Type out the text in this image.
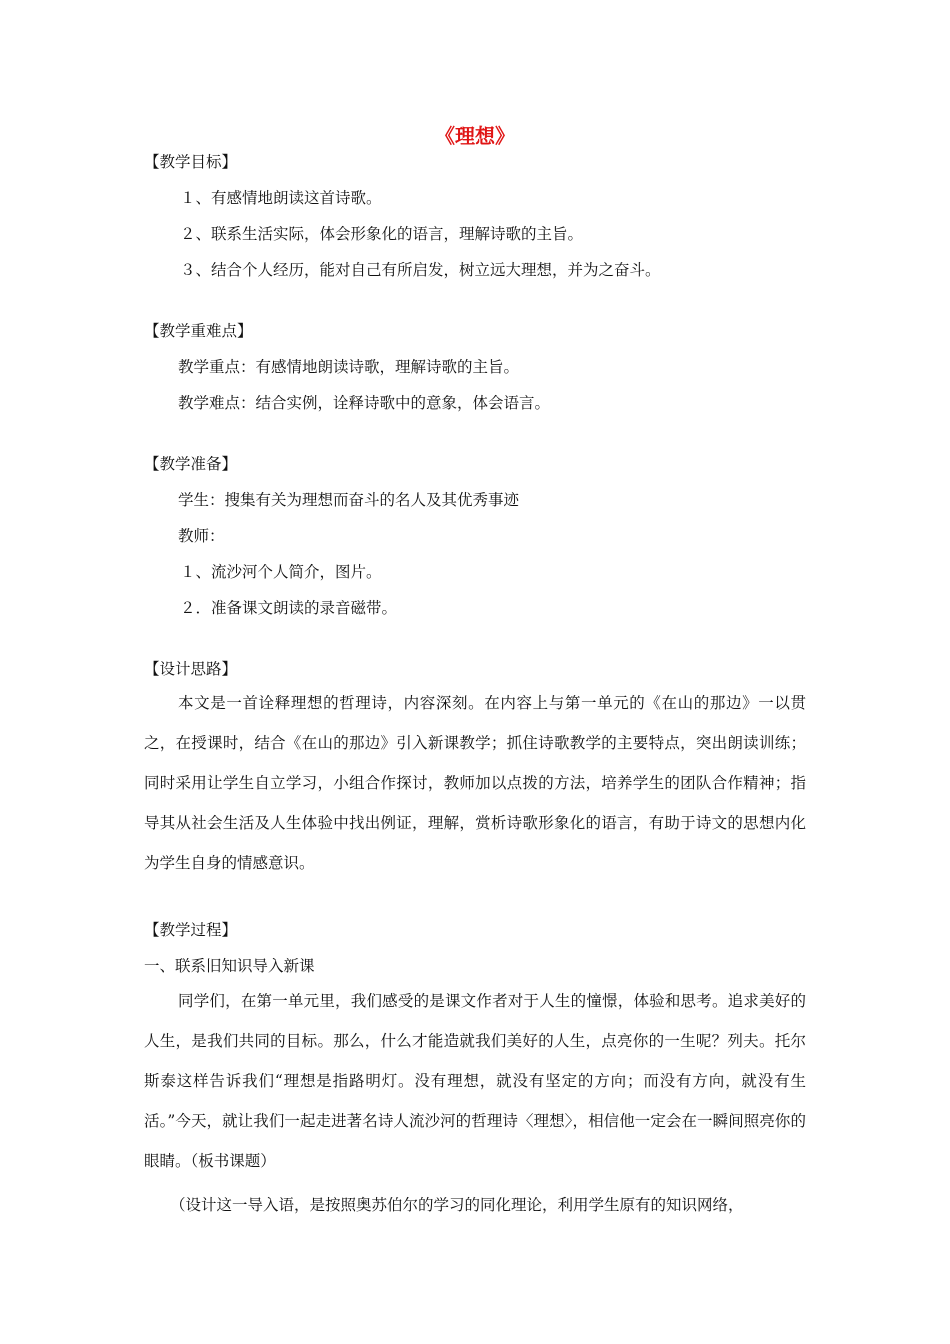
《理想》
【教学目标】
１、有感情地朗读这首诗歌。
２、联系生活实际，体会形象化的语言，理解诗歌的主旨。
３、结合个人经历，能对自己有所启发，树立远大理想，并为之奋斗。
【教学重难点】
教学重点：有感情地朗读诗歌，理解诗歌的主旨。
教学难点：结合实例，诠释诗歌中的意象，体会语言。
【教学准备】
学生：搜集有关为理想而奋斗的名人及其优秀事迹
教师：
１、流沙河个人简介，图片。
２．准备课文朗读的录音磁带。
【设计思路】
本文是一首诠释理想的哲理诗，内容深刻。在内容上与第一单元的《在山的那边》一以贯之，在授课时，结合《在山的那边》引入新课教学；抓住诗歌教学的主要特点，突出朗读训练；同时采用让学生自立学习，小组合作探讨，教师加以点拨的方法，培养学生的团队合作精神；指导其从社会生活及人生体验中找出例证，理解，赏析诗歌形象化的语言，有助于诗文的思想内化为学生自身的情感意识。
【教学过程】
一、联系旧知识导入新课
同学们，在第一单元里，我们感受的是课文作者对于人生的憧憬，体验和思考。追求美好的人生，是我们共同的目标。那么，什么才能造就我们美好的人生，点亮你的一生呢？列夫。托尔斯泰这样告诉我们“理想是指路明灯。没有理想，就没有坚定的方向；而没有方向，就没有生活。”今天，就让我们一起走进著名诗人流沙河的哲理诗〈理想〉，相信他一定会在一瞬间照亮你的眼睛。（板书课题）
（设计这一导入语，是按照奥苏伯尔的学习的同化理论，利用学生原有的知识网络，
